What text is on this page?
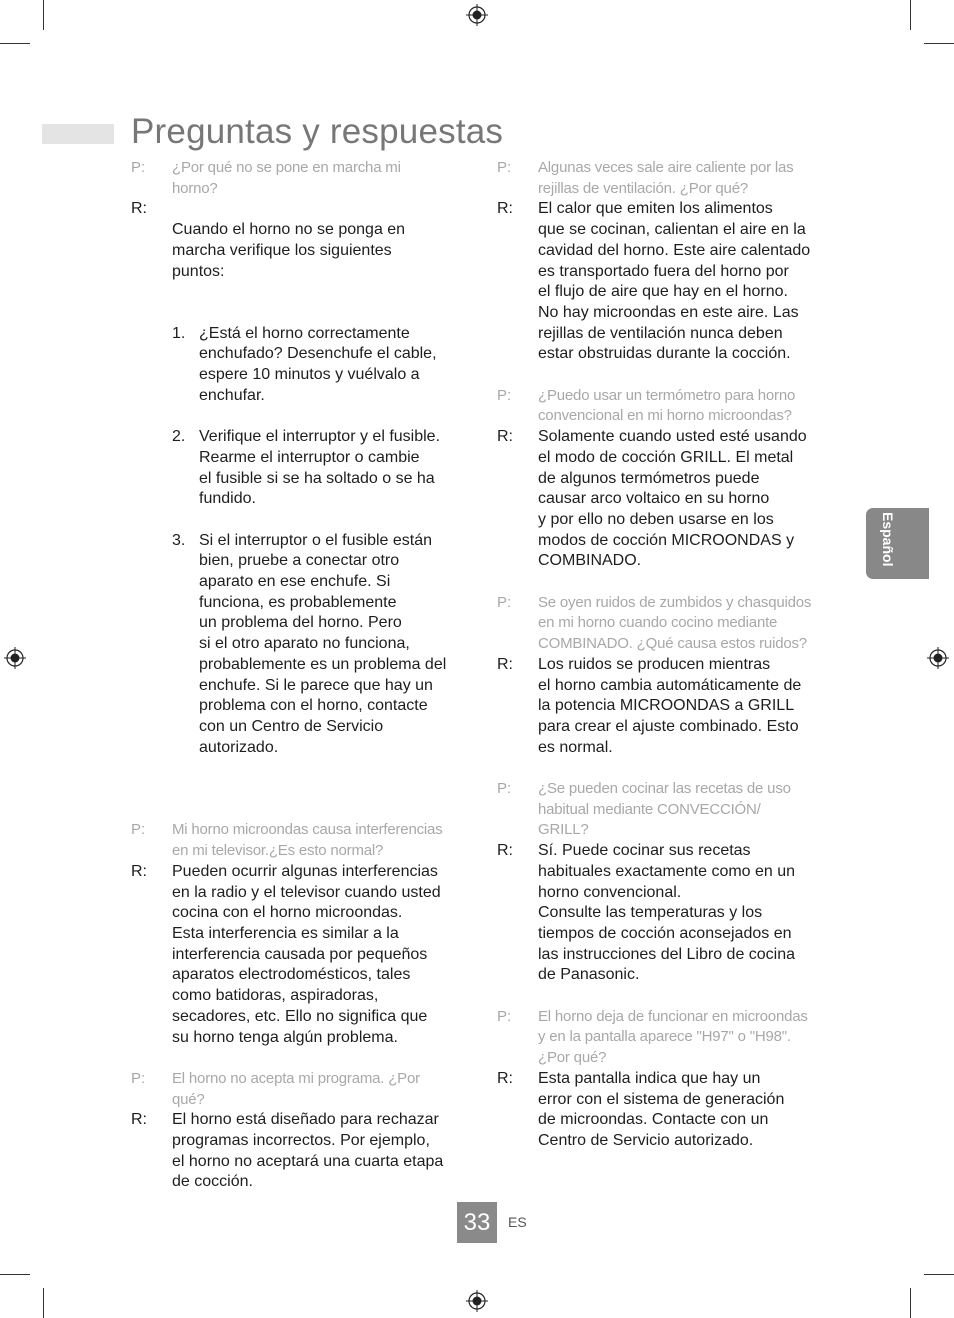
Preguntas y respuestas
P:	¿Por qué no se pone en marcha mi
horno?
R:

Cuando el horno no se ponga en
marcha verifique los siguientes
puntos:

1. ¿Está el horno correctamente
enchufado? Desenchufe el cable,
espere 10 minutos y vuélvalo a
enchufar.

2. Verifique el interruptor y el fusible.
Rearme el interruptor o cambie
el fusible si se ha soltado o se ha
fundido.

3. Si el interruptor o el fusible están
bien, pruebe a conectar otro
aparato en ese enchufe. Si
funciona, es probablemente
un problema del horno. Pero
si el otro aparato no funciona,
probablemente es un problema del
enchufe. Si le parece que hay un
problema con el horno, contacte
con un Centro de Servicio
autorizado.

P:	Mi horno microondas causa interferencias
en mi televisor.¿Es esto normal?
R:	Pueden ocurrir algunas interferencias
en la radio y el televisor cuando usted
cocina con el horno microondas.
Esta interferencia es similar a la
interferencia causada por pequeños
aparatos electrodomésticos, tales
como batidoras, aspiradoras,
secadores, etc. Ello no significa que
su horno tenga algún problema.
P:	El horno no acepta mi programa. ¿Por
qué?
R:	El horno está diseñado para rechazar
programas incorrectos. Por ejemplo,
el horno no aceptará una cuarta etapa
de cocción.
P:	Algunas veces sale aire caliente por las
rejillas de ventilación. ¿Por qué?
R:	El calor que emiten los alimentos
que se cocinan, calientan el aire en la
cavidad del horno. Este aire calentado
es transportado fuera del horno por
el flujo de aire que hay en el horno.
No hay microondas en este aire. Las
rejillas de ventilación nunca deben
estar obstruidas durante la cocción.
P:	¿Puedo usar un termómetro para horno
convencional en mi horno microondas?
R:	Solamente cuando usted esté usando
el modo de cocción GRILL. El metal
de algunos termómetros puede
causar arco voltaico en su horno
y por ello no deben usarse en los
modos de cocción MICROONDAS y
COMBINADO.
P:	Se oyen ruidos de zumbidos y chasquidos
en mi horno cuando cocino mediante
COMBINADO. ¿Qué causa estos ruidos?
R:	Los ruidos se producen mientras
el horno cambia automáticamente de
la potencia MICROONDAS a GRILL
para crear el ajuste combinado. Esto
es normal.
P:	¿Se pueden cocinar las recetas de uso
habitual mediante CONVECCIÓN/
GRILL?
R:	Sí. Puede cocinar sus recetas
habituales exactamente como en un
horno convencional.
Consulte las temperaturas y los
tiempos de cocción aconsejados en
las instrucciones del Libro de cocina
de Panasonic.
P:	El horno deja de funcionar en microondas
y en la pantalla aparece "H97" o "H98".
¿Por qué?
R:	Esta pantalla indica que hay un
error con el sistema de generación
de microondas. Contacte con un
Centro de Servicio autorizado.
Español
33	ES
